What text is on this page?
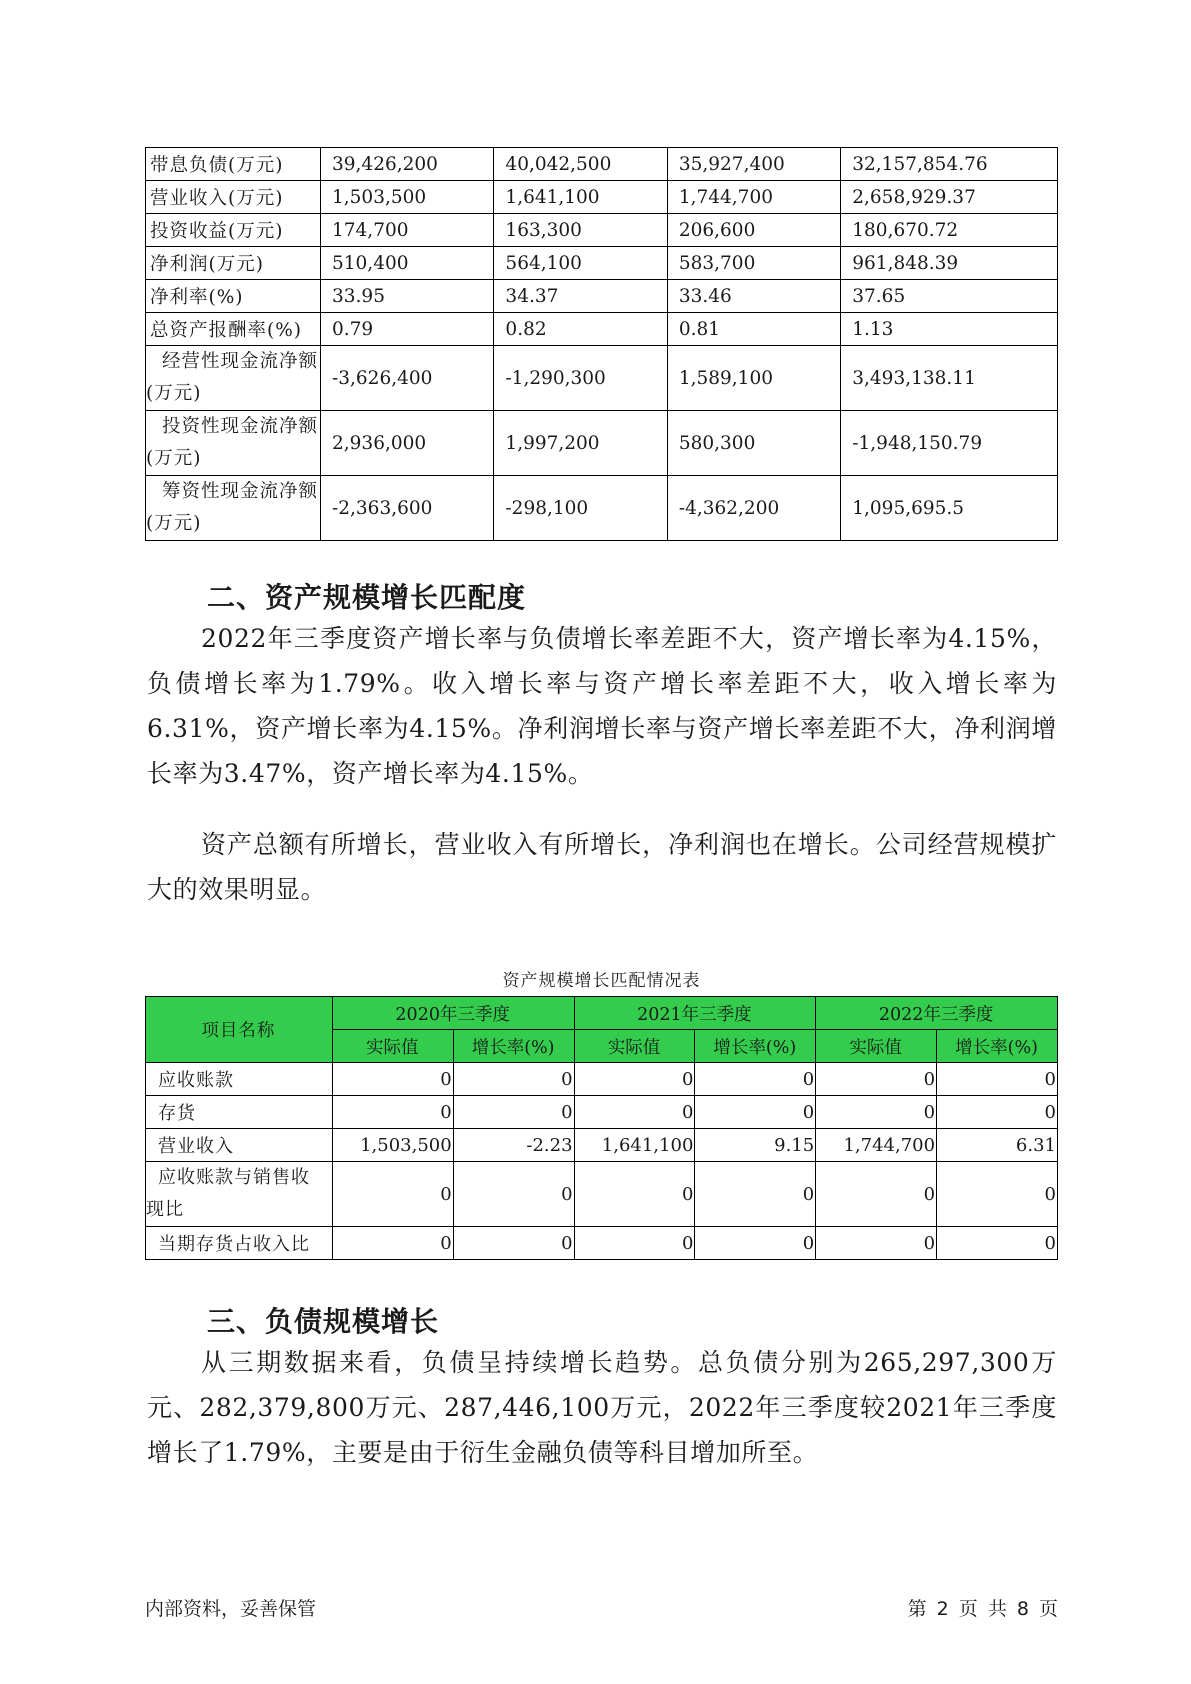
带息负债(万元)	39,426,200	40,042,500	35,927,400	32,157,854.76
营业收入(万元)	1,503,500	1,641,100	1,744,700	2,658,929.37
投资收益(万元)	174,700	163,300	206,600	180,670.72
净利润(万元)	510,400	564,100	583,700	961,848.39
净利率(%)	33.95	34.37	33.46	37.65
总资产报酬率(%)	0.79	0.82	0.81	1.13

经营性现金流净额
(万元)	-3,626,400	-1,290,300	1,589,100	3,493,138.11

投资性现金流净额
(万元)	2,936,000	1,997,200	580,300	-1,948,150.79

筹资性现金流净额
(万元)	-2,363,600	-298,100	-4,362,200	1,095,695.5
二、资产规模增长匹配度

2022年三季度资产增长率与负债增长率差距不大，资产增长率为4.15%，负债增长率为1.79%。收入增长率与资产增长率差距不大，收入增长率为6.31%，资产增长率为4.15%。净利润增长率与资产增长率差距不大，净利润增长率为3.47%，资产增长率为4.15%。

资产总额有所增长，营业收入有所增长，净利润也在增长。公司经营规模扩大的效果明显。

资产规模增长匹配情况表
项目名称	2020年三季度		2021年三季度		2022年三季度	
	实际值	增长率(%)	实际值	增长率(%)	实际值	增长率(%)
应收账款	0	0	0	0	0	0
存货	0	0	0	0	0	0
营业收入	1,503,500	-2.23	1,641,100	9.15	1,744,700	6.31

应收账款与销售收
现比	0	0	0	0	0	0
当期存货占收入比	0	0	0	0	0	0
三、负债规模增长

从三期数据来看，负债呈持续增长趋势。总负债分别为265,297,300万元、282,379,800万元、287,446,100万元，2022年三季度较2021年三季度增长了1.79%，主要是由于衍生金融负债等科目增加所至。

内部资料，妥善保管	第 2 页 共 8 页
